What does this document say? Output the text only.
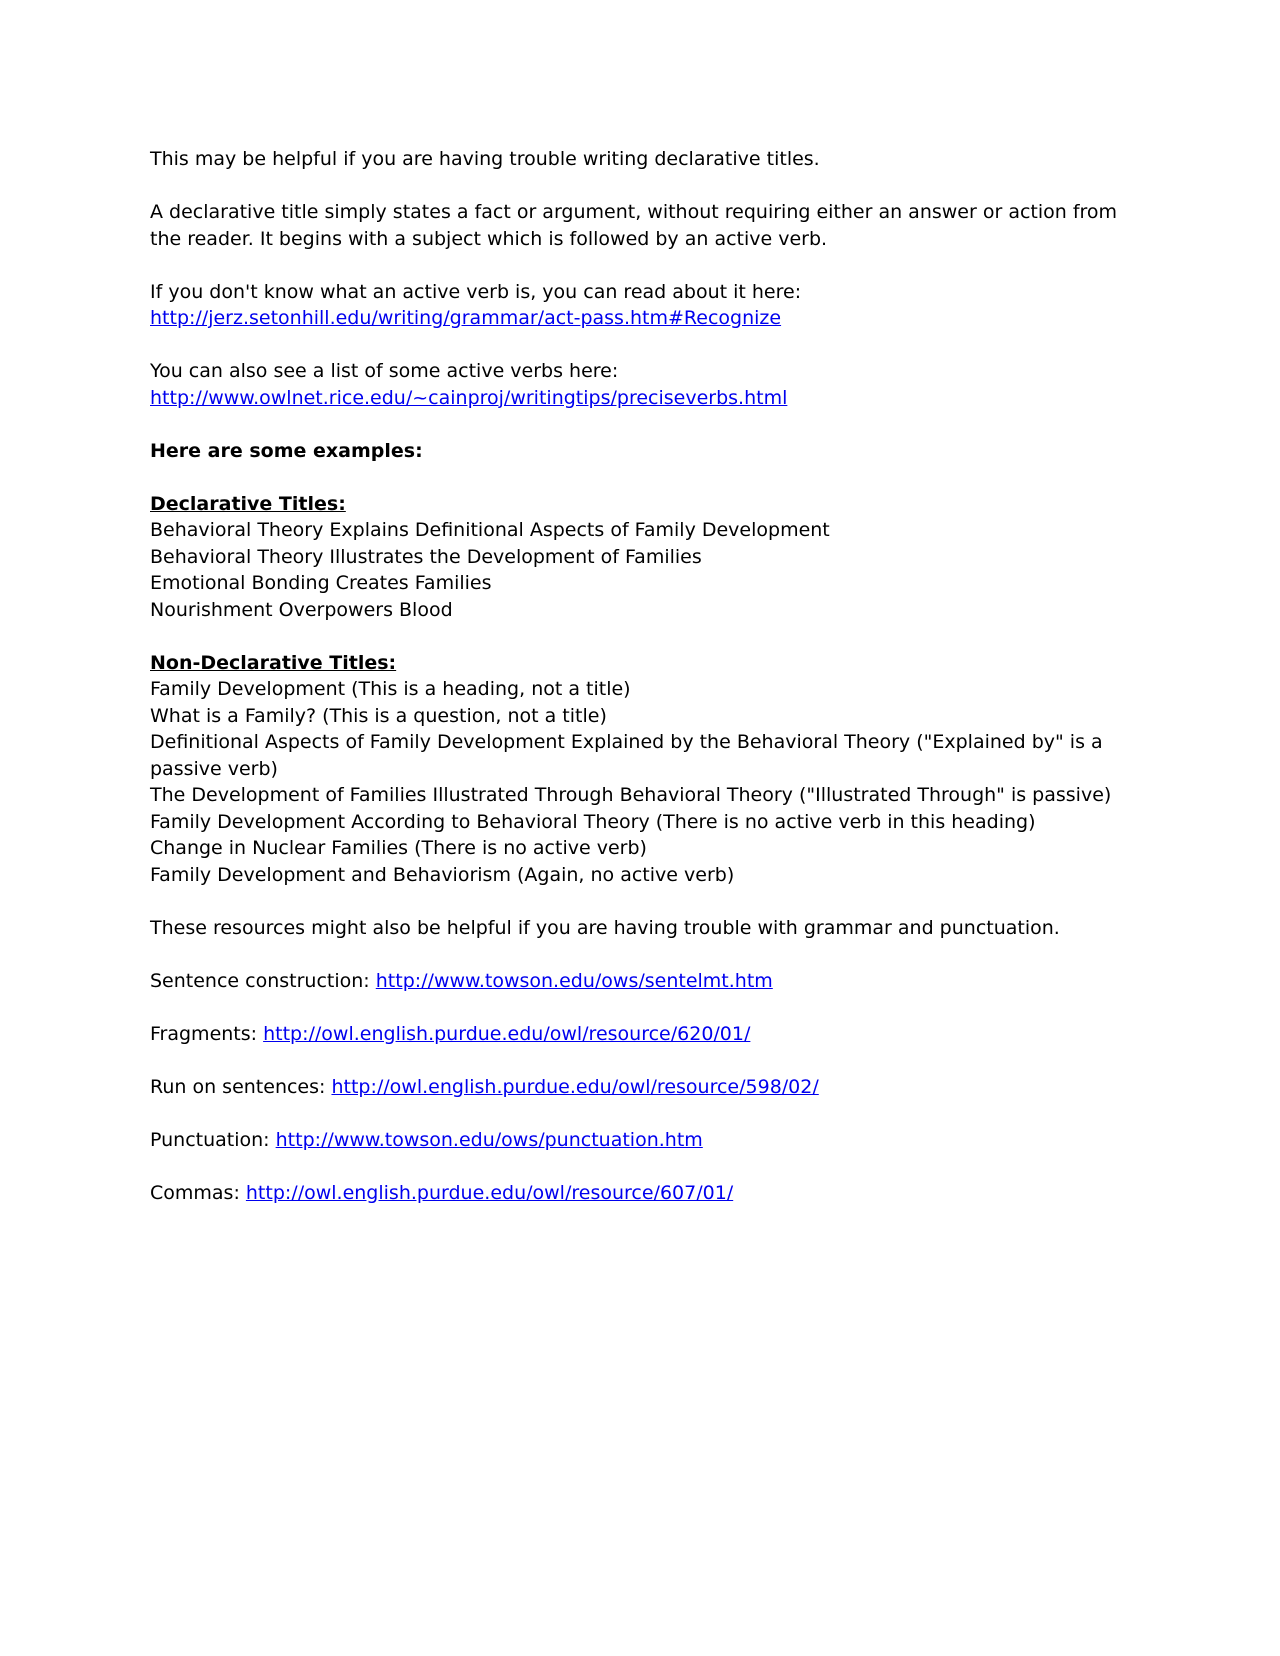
This may be helpful if you are having trouble writing declarative titles.

A declarative title simply states a fact or argument, without requiring either an answer or action from the reader. It begins with a subject which is followed by an active verb.

If you don't know what an active verb is, you can read about it here:
http://jerz.setonhill.edu/writing/grammar/act-pass.htm#Recognize

You can also see a list of some active verbs here:
http://www.owlnet.rice.edu/~cainproj/writingtips/preciseverbs.html

Here are some examples:

Declarative Titles:
Behavioral Theory Explains Definitional Aspects of Family Development
Behavioral Theory Illustrates the Development of Families
Emotional Bonding Creates Families
Nourishment Overpowers Blood

Non-Declarative Titles:
Family Development (This is a heading, not a title)
What is a Family? (This is a question, not a title)
Definitional Aspects of Family Development Explained by the Behavioral Theory ("Explained by" is a passive verb)
The Development of Families Illustrated Through Behavioral Theory ("Illustrated Through" is passive)
Family Development According to Behavioral Theory (There is no active verb in this heading)
Change in Nuclear Families (There is no active verb)
Family Development and Behaviorism (Again, no active verb)

These resources might also be helpful if you are having trouble with grammar and punctuation.

Sentence construction: http://www.towson.edu/ows/sentelmt.htm

Fragments: http://owl.english.purdue.edu/owl/resource/620/01/

Run on sentences: http://owl.english.purdue.edu/owl/resource/598/02/

Punctuation: http://www.towson.edu/ows/punctuation.htm

Commas: http://owl.english.purdue.edu/owl/resource/607/01/
